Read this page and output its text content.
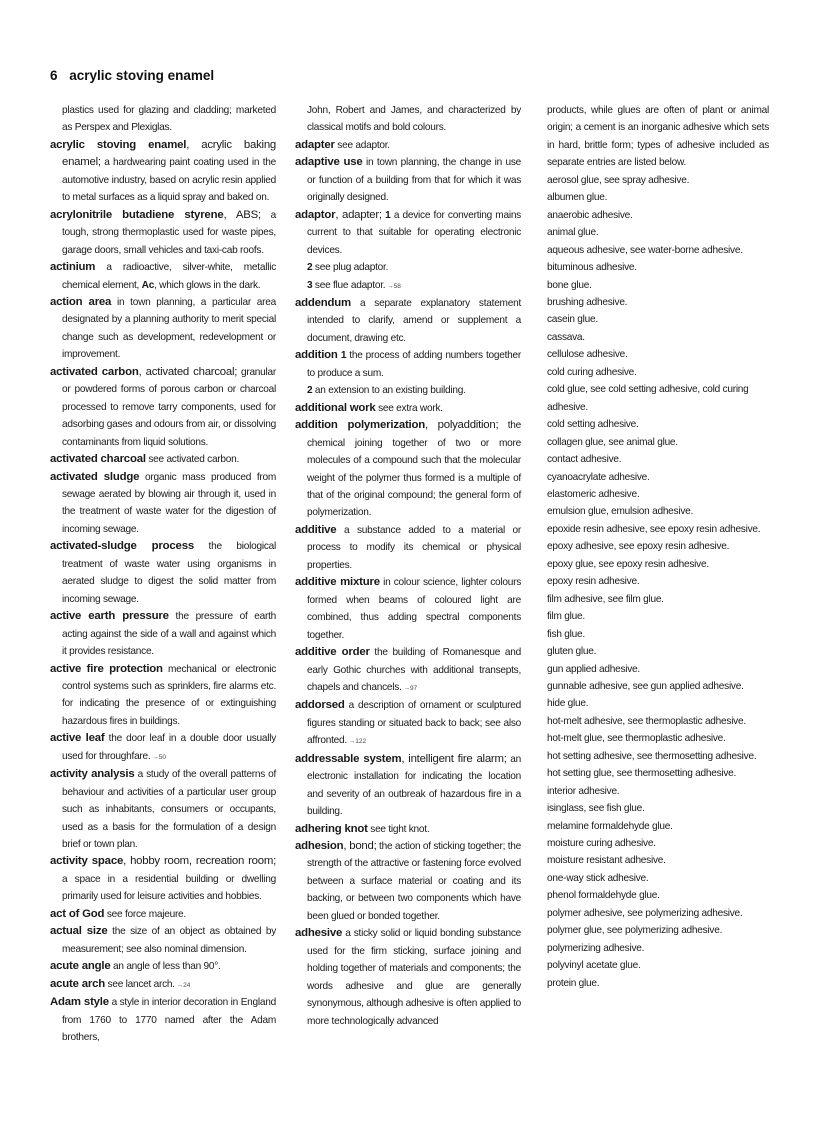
6 acrylic stoving enamel

plastics used for glazing and cladding; marketed as Perspex and Plexiglas.

acrylic stoving enamel, acrylic baking enamel; a hardwearing paint coating used in the automotive industry, based on acrylic resin applied to metal surfaces as a liquid spray and baked on.

acrylonitrile butadiene styrene, ABS; a tough, strong thermoplastic used for waste pipes, garage doors, small vehicles and taxi-cab roofs.

actinium a radioactive, silver-white, metallic chemical element, Ac, which glows in the dark.

action area in town planning, a particular area designated by a planning authority to merit special change such as development, redevelopment or improvement.

activated carbon, activated charcoal; granular or powdered forms of porous carbon or charcoal processed to remove tarry components, used for adsorbing gases and odours from air, or dissolving contaminants from liquid solutions.

activated charcoal see activated carbon.

activated sludge organic mass produced from sewage aerated by blowing air through it, used in the treatment of waste water for the digestion of incoming sewage.

activated-sludge process the biological treatment of waste water using organisms in aerated sludge to digest the solid matter from incoming sewage.

active earth pressure the pressure of earth acting against the side of a wall and against which it provides resistance.

active fire protection mechanical or electronic control systems such as sprinklers, fire alarms etc. for indicating the presence of or extinguishing hazardous fires in buildings.

active leaf the door leaf in a double door usually used for throughfare. →50

activity analysis a study of the overall patterns of behaviour and activities of a particular user group such as inhabitants, consumers or occupants, used as a basis for the formulation of a design brief or town plan.

activity space, hobby room, recreation room; a space in a residential building or dwelling primarily used for leisure activities and hobbies.

act of God see force majeure.

actual size the size of an object as obtained by measurement; see also nominal dimension.

acute angle an angle of less than 90°.

acute arch see lancet arch. →24

Adam style a style in interior decoration in England from 1760 to 1770 named after the Adam brothers,

John, Robert and James, and characterized by classical motifs and bold colours.

adapter see adaptor.

adaptive use in town planning, the change in use or function of a building from that for which it was originally designed.

adaptor, adapter; 1 a device for converting mains current to that suitable for operating electronic devices.
2 see plug adaptor.
3 see flue adaptor. →58

addendum a separate explanatory statement intended to clarify, amend or supplement a document, drawing etc.

addition 1 the process of adding numbers together to produce a sum.
2 an extension to an existing building.

additional work see extra work.

addition polymerization, polyaddition; the chemical joining together of two or more molecules of a compound such that the molecular weight of the polymer thus formed is a multiple of that of the original compound; the general form of polymerization.

additive a substance added to a material or process to modify its chemical or physical properties.

additive mixture in colour science, lighter colours formed when beams of coloured light are combined, thus adding spectral components together.

additive order the building of Romanesque and early Gothic churches with additional transepts, chapels and chancels. →97

addorsed a description of ornament or sculptured figures standing or situated back to back; see also affronted. →122

addressable system, intelligent fire alarm; an electronic installation for indicating the location and severity of an outbreak of hazardous fire in a building.

adhering knot see tight knot.

adhesion, bond; the action of sticking together; the strength of the attractive or fastening force evolved between a surface material or coating and its backing, or between two components which have been glued or bonded together.

adhesive a sticky solid or liquid bonding substance used for the firm sticking, surface joining and holding together of materials and components; the words adhesive and glue are generally synonymous, although adhesive is often applied to more technologically advanced

products, while glues are often of plant or animal origin; a cement is an inorganic adhesive which sets in hard, brittle form; types of adhesive included as separate entries are listed below.

aerosol glue, see spray adhesive.

albumen glue.

anaerobic adhesive.

animal glue.

aqueous adhesive, see water-borne adhesive.

bituminous adhesive.

bone glue.

brushing adhesive.

casein glue.

cassava.

cellulose adhesive.

cold curing adhesive.

cold glue, see cold setting adhesive, cold curing adhesive.

cold setting adhesive.

collagen glue, see animal glue.

contact adhesive.

cyanoacrylate adhesive.

elastomeric adhesive.

emulsion glue, emulsion adhesive.

epoxide resin adhesive, see epoxy resin adhesive.

epoxy adhesive, see epoxy resin adhesive.

epoxy glue, see epoxy resin adhesive.

epoxy resin adhesive.

film adhesive, see film glue.

film glue.

fish glue.

gluten glue.

gun applied adhesive.

gunnable adhesive, see gun applied adhesive.

hide glue.

hot-melt adhesive, see thermoplastic adhesive.

hot-melt glue, see thermoplastic adhesive.

hot setting adhesive, see thermosetting adhesive.

hot setting glue, see thermosetting adhesive.

interior adhesive.

isinglass, see fish glue.

melamine formaldehyde glue.

moisture curing adhesive.

moisture resistant adhesive.

one-way stick adhesive.

phenol formaldehyde glue.

polymer adhesive, see polymerizing adhesive.

polymer glue, see polymerizing adhesive.

polymerizing adhesive.

polyvinyl acetate glue.

protein glue.
